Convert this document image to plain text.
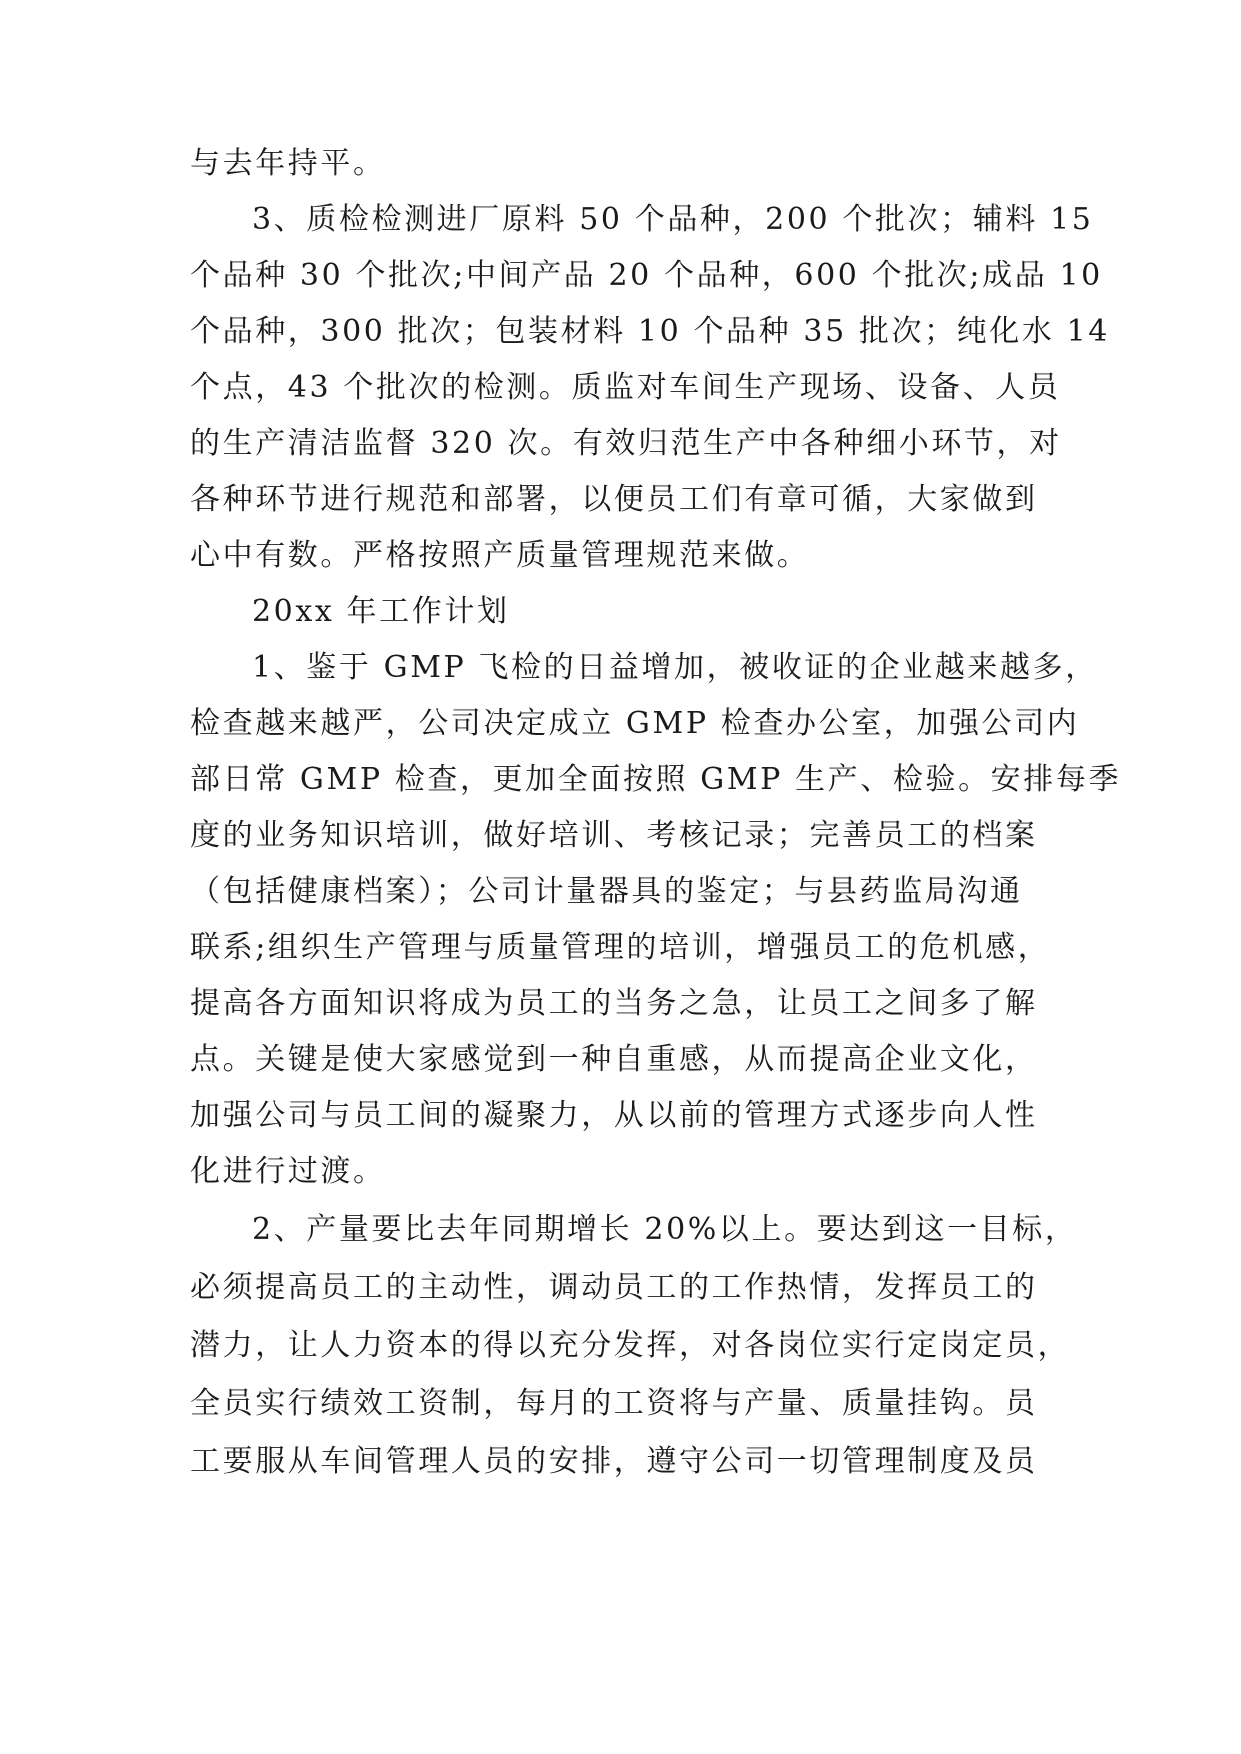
与去年持平。

3、质检检测进厂原料 50 个品种，200 个批次；辅料 15

个品种 30 个批次;中间产品 20 个品种，600 个批次;成品 10

个品种，300 批次；包装材料 10 个品种 35 批次；纯化水 14

个点，43 个批次的检测。质监对车间生产现场、设备、人员

的生产清洁监督 320 次。有效归范生产中各种细小环节，对

各种环节进行规范和部署，以便员工们有章可循，大家做到

心中有数。严格按照产质量管理规范来做。

20xx 年工作计划

1、鉴于 GMP 飞检的日益增加，被收证的企业越来越多，

检查越来越严，公司决定成立 GMP 检查办公室，加强公司内

部日常 GMP 检查，更加全面按照 GMP 生产、检验。安排每季

度的业务知识培训，做好培训、考核记录；完善员工的档案

（包括健康档案）；公司计量器具的鉴定；与县药监局沟通

联系;组织生产管理与质量管理的培训，增强员工的危机感，

提高各方面知识将成为员工的当务之急，让员工之间多了解

点。关键是使大家感觉到一种自重感，从而提高企业文化，

加强公司与员工间的凝聚力，从以前的管理方式逐步向人性

化进行过渡。

2、产量要比去年同期增长 20%以上。要达到这一目标，

必须提高员工的主动性，调动员工的工作热情，发挥员工的

潜力，让人力资本的得以充分发挥，对各岗位实行定岗定员，

全员实行绩效工资制，每月的工资将与产量、质量挂钩。员

工要服从车间管理人员的安排，遵守公司一切管理制度及员
